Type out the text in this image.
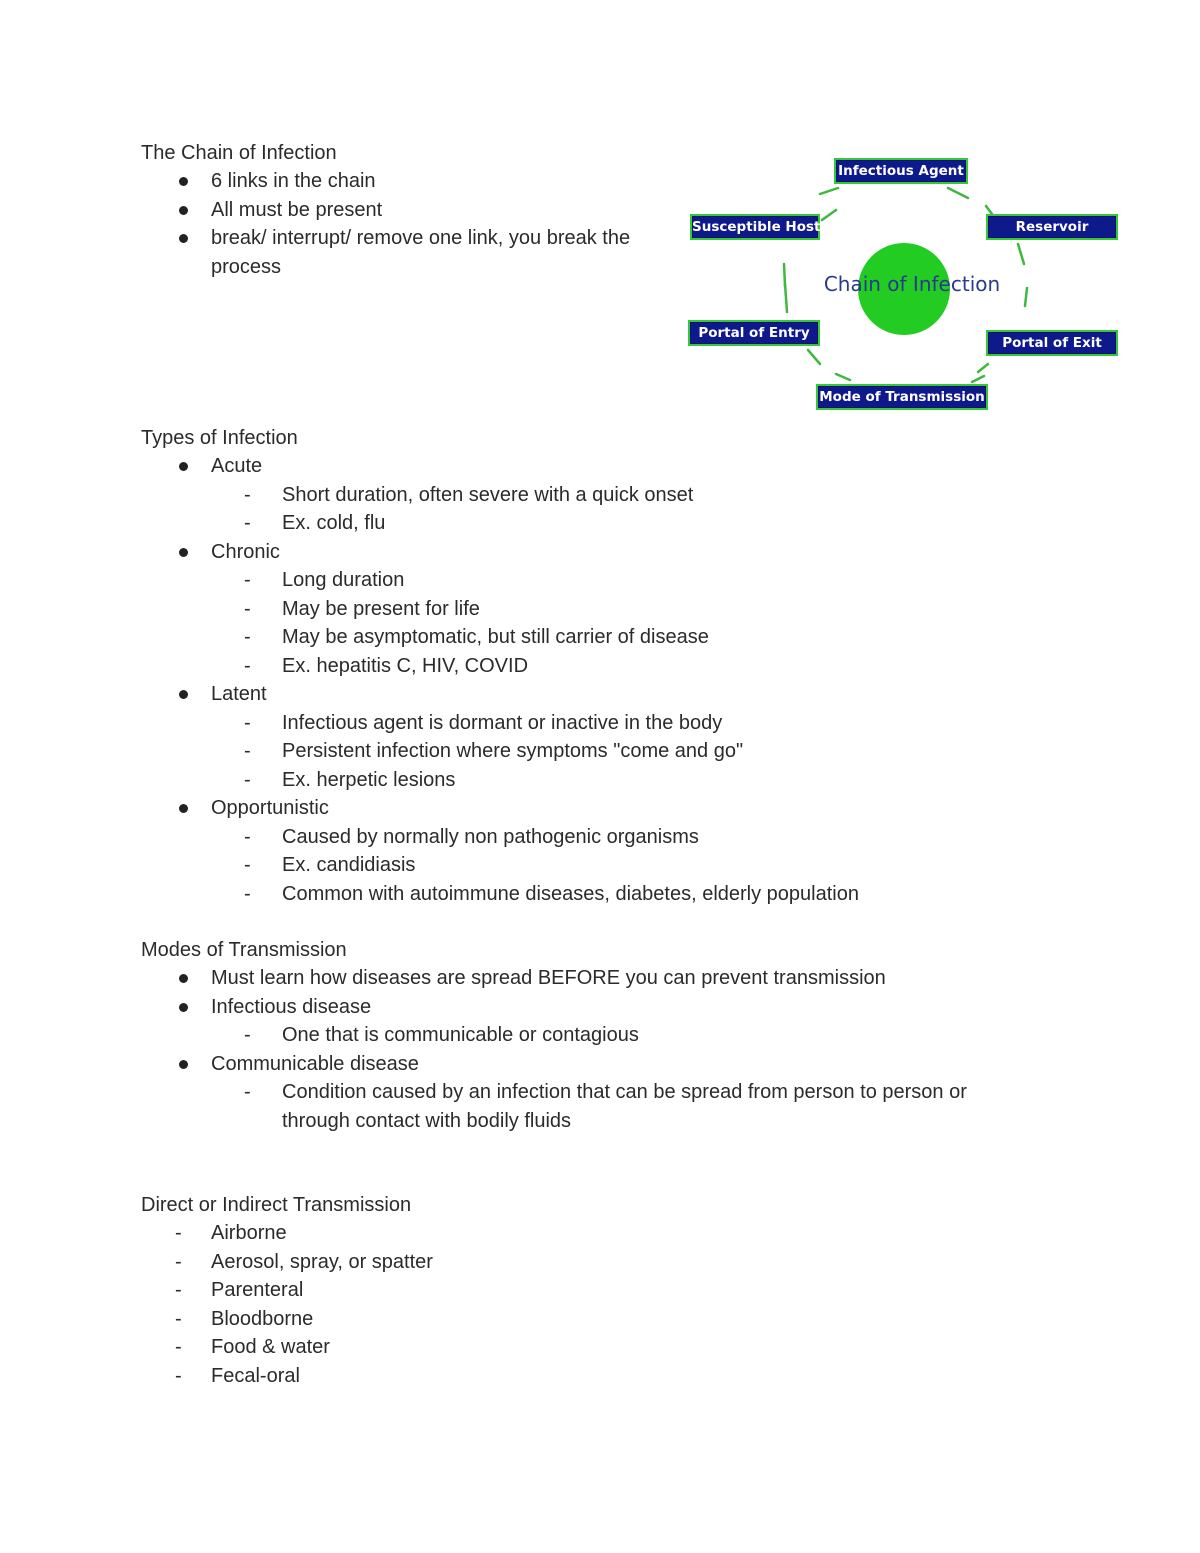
The Chain of Infection
6 links in the chain
All must be present
break/ interrupt/ remove one link, you break the process
Chain of Infection
Infectious Agent
Reservoir
Portal of Exit
Mode of Transmission
Portal of Entry
Susceptible Host
Types of Infection
Acute
- Short duration, often severe with a quick onset
- Ex. cold, flu
Chronic
- Long duration
- May be present for life
- May be asymptomatic, but still carrier of disease
- Ex. hepatitis C, HIV, COVID
Latent
- Infectious agent is dormant or inactive in the body
- Persistent infection where symptoms "come and go"
- Ex. herpetic lesions
Opportunistic
- Caused by normally non pathogenic organisms
- Ex. candidiasis
- Common with autoimmune diseases, diabetes, elderly population
Modes of Transmission
Must learn how diseases are spread BEFORE you can prevent transmission
Infectious disease
- One that is communicable or contagious
Communicable disease
- Condition caused by an infection that can be spread from person to person or through contact with bodily fluids
Direct or Indirect Transmission
- Airborne
- Aerosol, spray, or spatter
- Parenteral
- Bloodborne
- Food & water
- Fecal-oral
